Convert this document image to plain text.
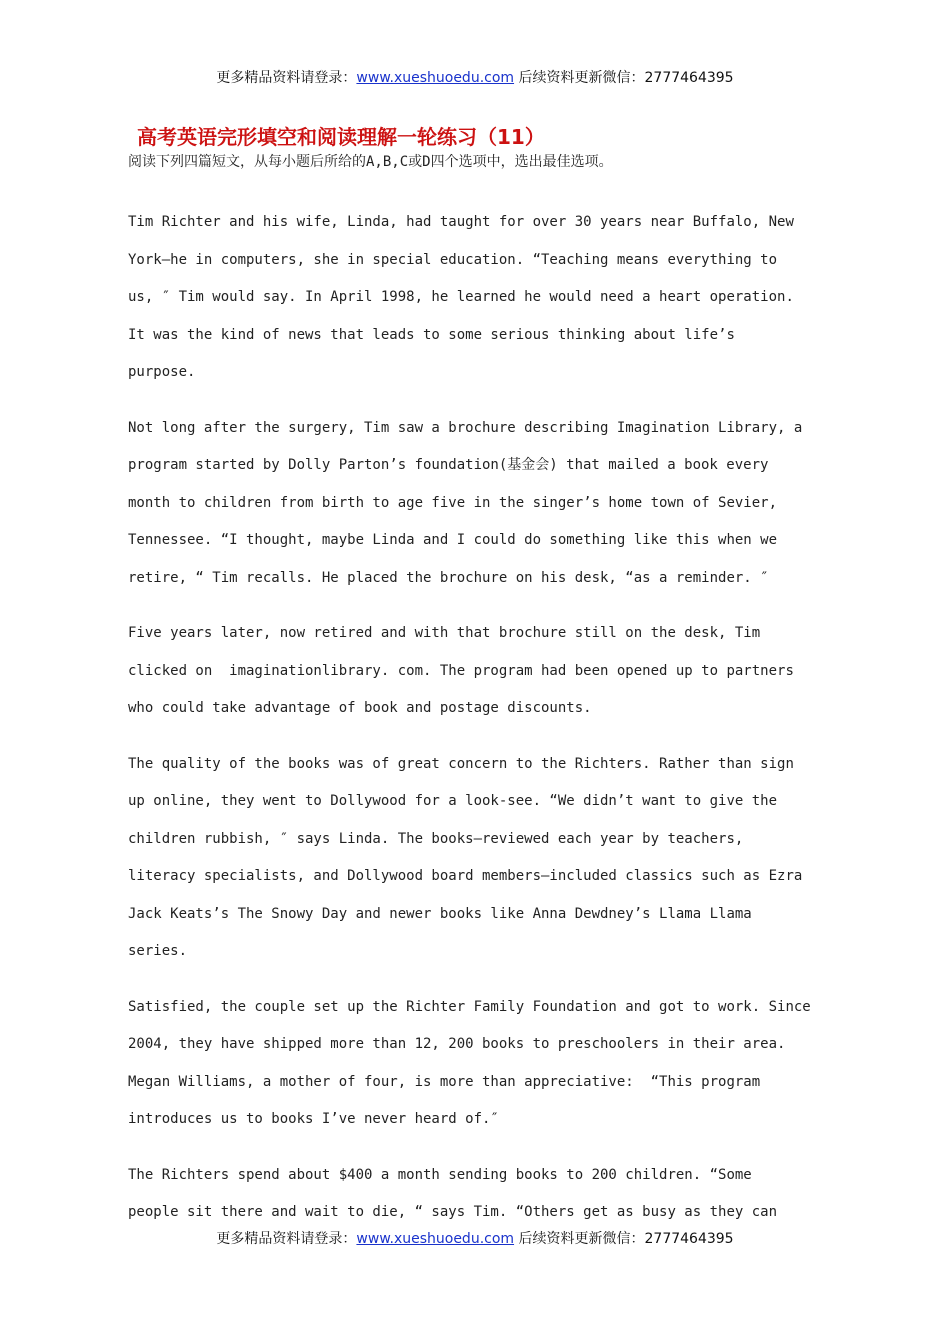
更多精品资料请登录：www.xueshuoedu.com 后续资料更新微信：2777464395
高考英语完形填空和阅读理解一轮练习（11）
阅读下列四篇短文，从每小题后所给的A,B,C或D四个选项中，选出最佳选项。
Tim Richter and his wife, Linda, had taught for over 30 years near Buffalo, New
York—he in computers, she in special education. “Teaching means everything to
us, ″ Tim would say. In April 1998, he learned he would need a heart operation.
It was the kind of news that leads to some serious thinking about life’s
purpose.
Not long after the surgery, Tim saw a brochure describing Imagination Library, a
program started by Dolly Parton’s foundation(基金会) that mailed a book every
month to children from birth to age five in the singer’s home town of Sevier,
Tennessee. “I thought, maybe Linda and I could do something like this when we
retire, “ Tim recalls. He placed the brochure on his desk, “as a reminder. ″
Five years later, now retired and with that brochure still on the desk, Tim
clicked on  imaginationlibrary. com. The program had been opened up to partners
who could take advantage of book and postage discounts.
The quality of the books was of great concern to the Richters. Rather than sign
up online, they went to Dollywood for a look-see. “We didn’t want to give the
children rubbish, ″ says Linda. The books—reviewed each year by teachers,
literacy specialists, and Dollywood board members—included classics such as Ezra
Jack Keats’s The Snowy Day and newer books like Anna Dewdney’s Llama Llama
series.
Satisfied, the couple set up the Richter Family Foundation and got to work. Since
2004, they have shipped more than 12, 200 books to preschoolers in their area.
Megan Williams, a mother of four, is more than appreciative:  “This program
introduces us to books I’ve never heard of.″
The Richters spend about $400 a month sending books to 200 children. “Some
people sit there and wait to die, “ says Tim. “Others get as busy as they can
更多精品资料请登录：www.xueshuoedu.com 后续资料更新微信：2777464395
